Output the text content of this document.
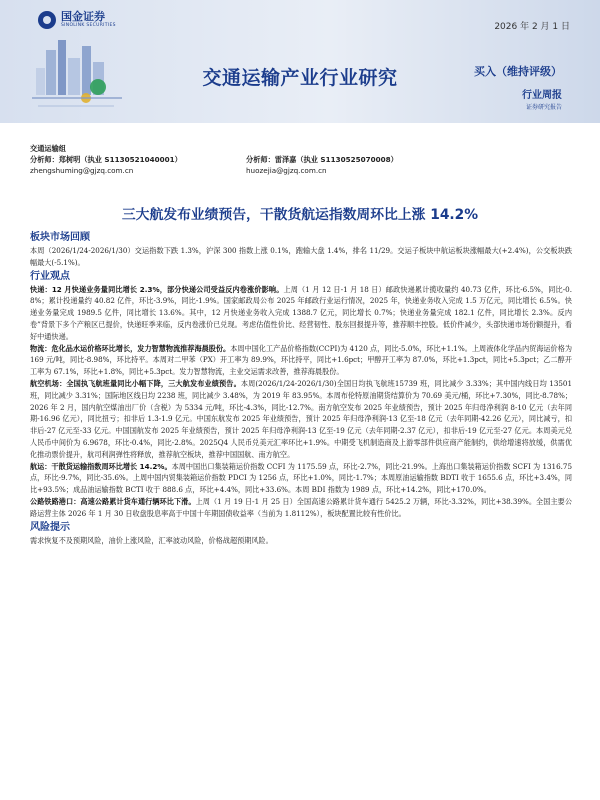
国金证券
SINOLINK SECURITIES	2026 年 2 月 1 日
交通运输产业行业研究	买入（维持评级）
行业周报
证券研究报告
交通运输组
分析师：郑树明（执业 S1130521040001）	分析师：雷泽嘉（执业 S1130525070008）
zhengshuming@gjzq.com.cn	huozejia@gjzq.com.cn
三大航发布业绩预告，干散货航运指数周环比上涨 14.2%
板块市场回顾
本周（2026/1/24-2026/1/30）交运指数下跌 1.3%，沪深 300 指数上涨 0.1%，跑输大盘 1.4%，排名 11/29。交运子板块中航运板块涨幅最大(+2.4%)，公交板块跌幅最大(-5.1%)。
行业观点
快递：12 月快递业务量同比增长 2.3%，部分快递公司受益反内卷涨价影响。上周（1 月 12 日-1 月 18 日）邮政快递累计揽收量约 40.73 亿件，环比-6.5%，同比-0.8%；累计投递量约 40.82 亿件，环比-3.9%，同比-1.9%。国家邮政局公布 2025 年邮政行业运行情况，2025 年，快递业务收入完成 1.5 万亿元，同比增长 6.5%。快递业务量完成 1989.5 亿件，同比增长 13.6%。其中，12 月快递业务收入完成 1388.7 亿元，同比增长 0.7%；快递业务量完成 182.1 亿件，同比增长 2.3%。反内卷”背景下多个产粮区已提价，快递旺季来临，反内卷涨价已兑现。考虑估值性价比、经营韧性、股东回报提升等，推荐顺丰控股。低价件减少，头部快递市场份额提升，看好中通快递。
物流：危化品水运价格环比增长，发力智慧物流推荐海晨股份。本周中国化工产品价格指数(CCPI)为 4120 点，同比-5.0%，环比+1.1%。上周液体化学品内贸海运价格为 169 元/吨，同比-8.98%，环比持平。本周对二甲苯（PX）开工率为 89.9%，环比持平，同比+1.6pct；甲醇开工率为 87.0%，环比+1.3pct，同比+5.3pct；乙二醇开工率为 67.1%，环比+1.8%，同比+5.3pct。发力智慧物流，主业交运需求改善，推荐海晨股份。
航空机场：全国执飞航班量同比小幅下降，三大航发布业绩预告。本周(2026/1/24-2026/1/30)全国日均执飞航班15739 班，同比减少 3.33%；其中国内线日均 13501 班，同比减少 3.31%；国际地区线日均 2238 班，同比减少 3.48%，为 2019 年 83.95%。本周布伦特原油期货结算价为 70.69 美元/桶，环比+7.30%，同比-8.78%；2026 年 2 月，国内航空煤油出厂价（含税）为 5334 元/吨，环比-4.3%，同比-12.7%。南方航空发布 2025 年业绩预告，预计 2025 年归母净利润 8-10 亿元（去年同期-16.96 亿元），同比扭亏；扣非后 1.3-1.9 亿元。中国东航发布 2025 年业绩预告，预计 2025 年归母净利润-13 亿至-18 亿元（去年同期-42.26 亿元），同比减亏，扣非后-27 亿元至-33 亿元。中国国航发布 2025 年业绩预告，预计 2025 年归母净利润-13 亿至-19 亿元（去年同期-2.37 亿元），扣非后-19 亿元至-27 亿元。本周美元兑人民币中间价为 6.9678，环比-0.4%，同比-2.8%。2025Q4 人民币兑美元汇率环比+1.9%。中期受飞机制造商及上游零部件供应商产能制约，供给增速将放缓，供需优化推动票价提升，航司利润弹性将释放，推荐航空板块，推荐中国国航、南方航空。
航运：干散货运输指数周环比增长 14.2%。本周中国出口集装箱运价指数 CCFI 为 1175.59 点，环比-2.7%，同比-21.9%。上海出口集装箱运价指数 SCFI 为 1316.75 点，环比-9.7%，同比-35.6%。上周中国内贸集装箱运价指数 PDCI 为 1256 点，环比+1.0%，同比-1.7%；本周原油运输指数 BDTI 收于 1655.6 点，环比+3.4%，同比+93.5%；成品油运输指数 BCTI 收于 888.6 点，环比+4.4%，同比+33.6%。本周 BDI 指数为 1989 点，环比+14.2%，同比+170.0%。
公路铁路港口：高速公路累计货车通行辆环比下滑。上周（1 月 19 日-1 月 25 日）全国高速公路累计货车通行 5425.2 万辆，环比-3.32%，同比+38.39%。全国主要公路运营主体 2026 年 1 月 30 日收盘股息率高于中国十年期国债收益率（当前为 1.8112%），板块配置比较有性价比。
风险提示
需求恢复不及预期风险，油价上涨风险，汇率波动风险，价格战超预期风险。
